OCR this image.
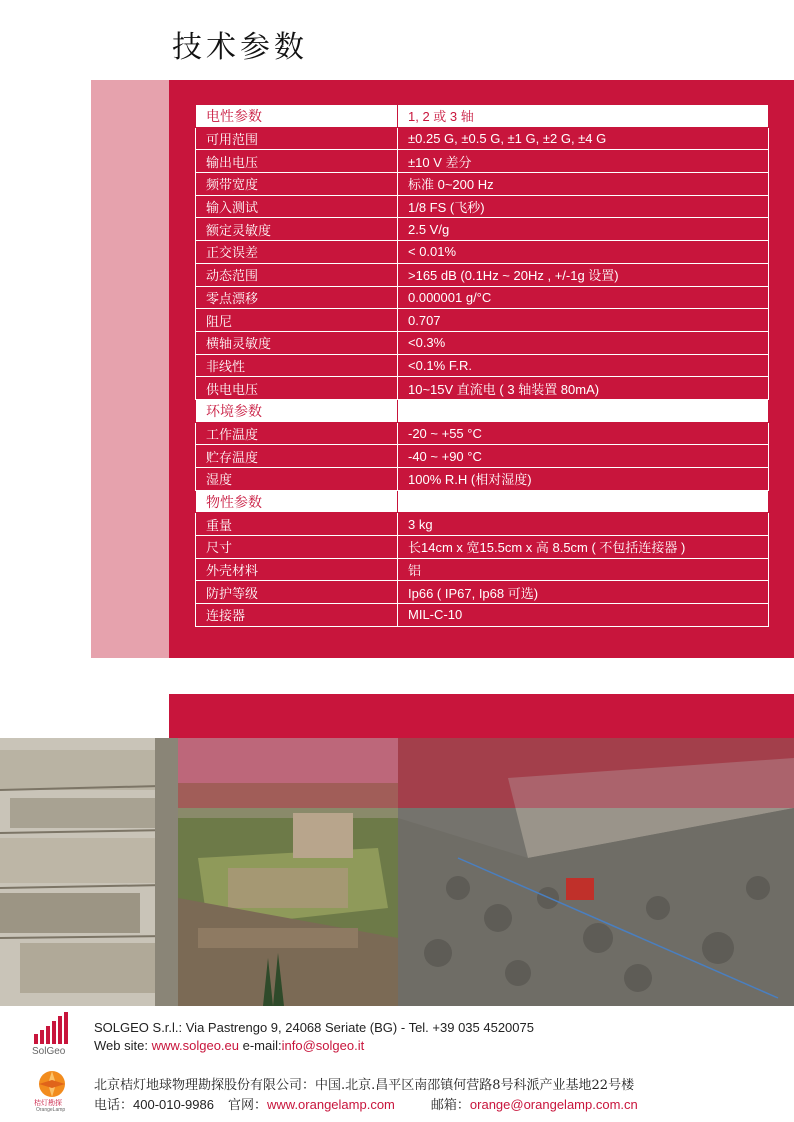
技术参数
电性参数	1, 2 或 3 轴
可用范围	±0.25 G, ±0.5 G, ±1 G, ±2 G, ±4 G
输出电压	±10 V 差分
频带宽度	标准 0~200 Hz
输入测试	1/8 FS (飞秒)
额定灵敏度	2.5 V/g
正交误差	< 0.01%
动态范围	>165 dB (0.1Hz ~ 20Hz , +/-1g 设置)
零点漂移	0.000001 g/°C
阻尼	0.707
横轴灵敏度	<0.3%
非线性	<0.1% F.R.
供电电压	10~15V 直流电 ( 3 轴装置 80mA)
环境参数	
工作温度	-20 ~ +55 °C
贮存温度	-40 ~ +90 °C
湿度	100% R.H (相对湿度)
物性参数	
重量	3 kg
尺寸	长14cm x 宽15.5cm x 高 8.5cm ( 不包括连接器 )
外壳材料	铝
防护等级	Ip66 ( IP67, Ip68 可选)
连接器	MIL-C-10
SolGeo
SOLGEO S.r.l.: Via Pastrengo 9, 24068 Seriate (BG) - Tel. +39 035 4520075
Web site: www.solgeo.eu e-mail:info@solgeo.it
桔灯勘探
OrangeLamp
北京桔灯地球物理勘探股份有限公司：中国.北京.昌平区南邵镇何营路8号科派产业基地22号楼
电话：400-010-9986 官网：www.orangelamp.com	邮箱：orange@orangelamp.com.cn
